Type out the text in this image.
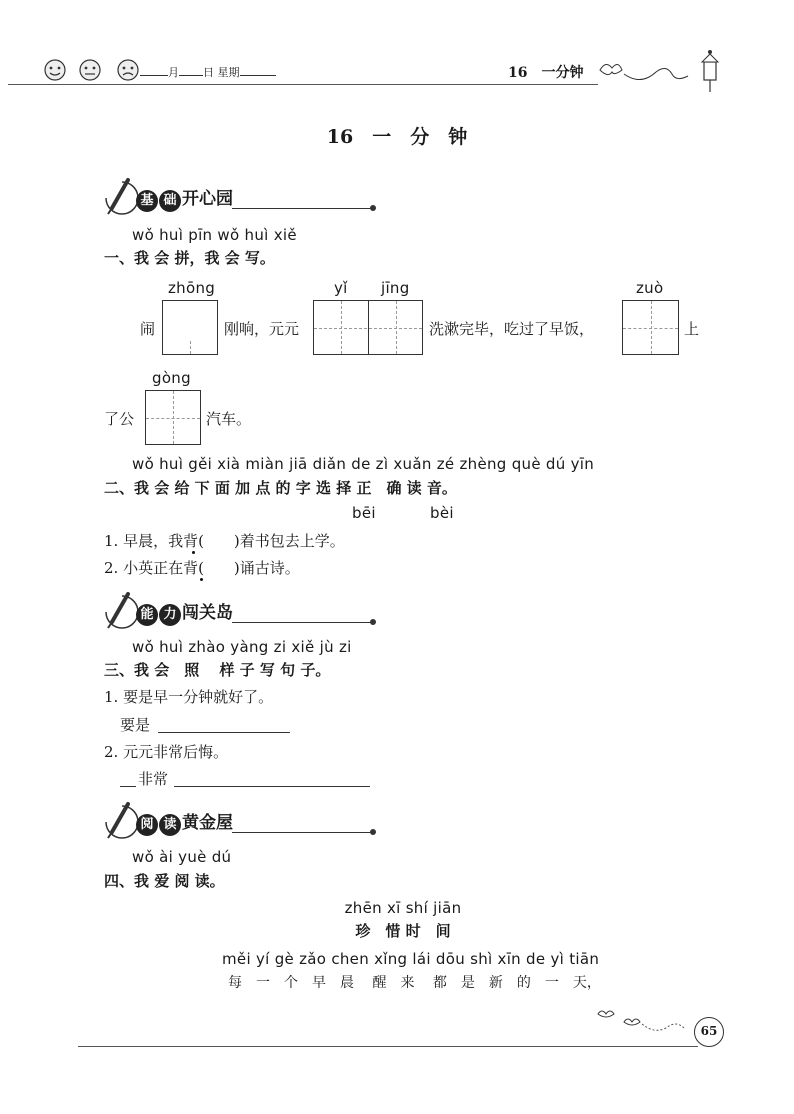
月 日 星期	16　一分钟
16　一　分　钟
基 础 开心园
wǒ huì pīn wǒ huì xiě
一、我 会 拼，我 会 写。
zhōng	yǐ jīng	zuò
闹	刚响，元元	洗漱完毕，吃过了早饭，	上
gòng
了公	汽车。
wǒ huì gěi xià miàn jiā diǎn de zì xuǎn zé zhèng què dú yīn
二、我 会 给 下 面 加 点 的 字 选 择 正　确 读 音。
bēi	bèi
1. 早晨，我背(　　)着书包去上学。
2. 小英正在背(　　)诵古诗。
能 力 闯关岛
wǒ huì zhào yàng zi xiě jù zi
三、我 会　照　 样 子 写 句 子。
1. 要是早一分钟就好了。
要是
2. 元元非常后悔。
非常
阅 读 黄金屋
wǒ ài yuè dú
四、我 爱 阅 读。
zhēn xī shí jiān
珍　惜 时　间
měi yí gè zǎo chen xǐng lái dōu shì xīn de yì tiān
每　一　个　早　晨　 醒　来　 都　是　新　的　一　天，
65
